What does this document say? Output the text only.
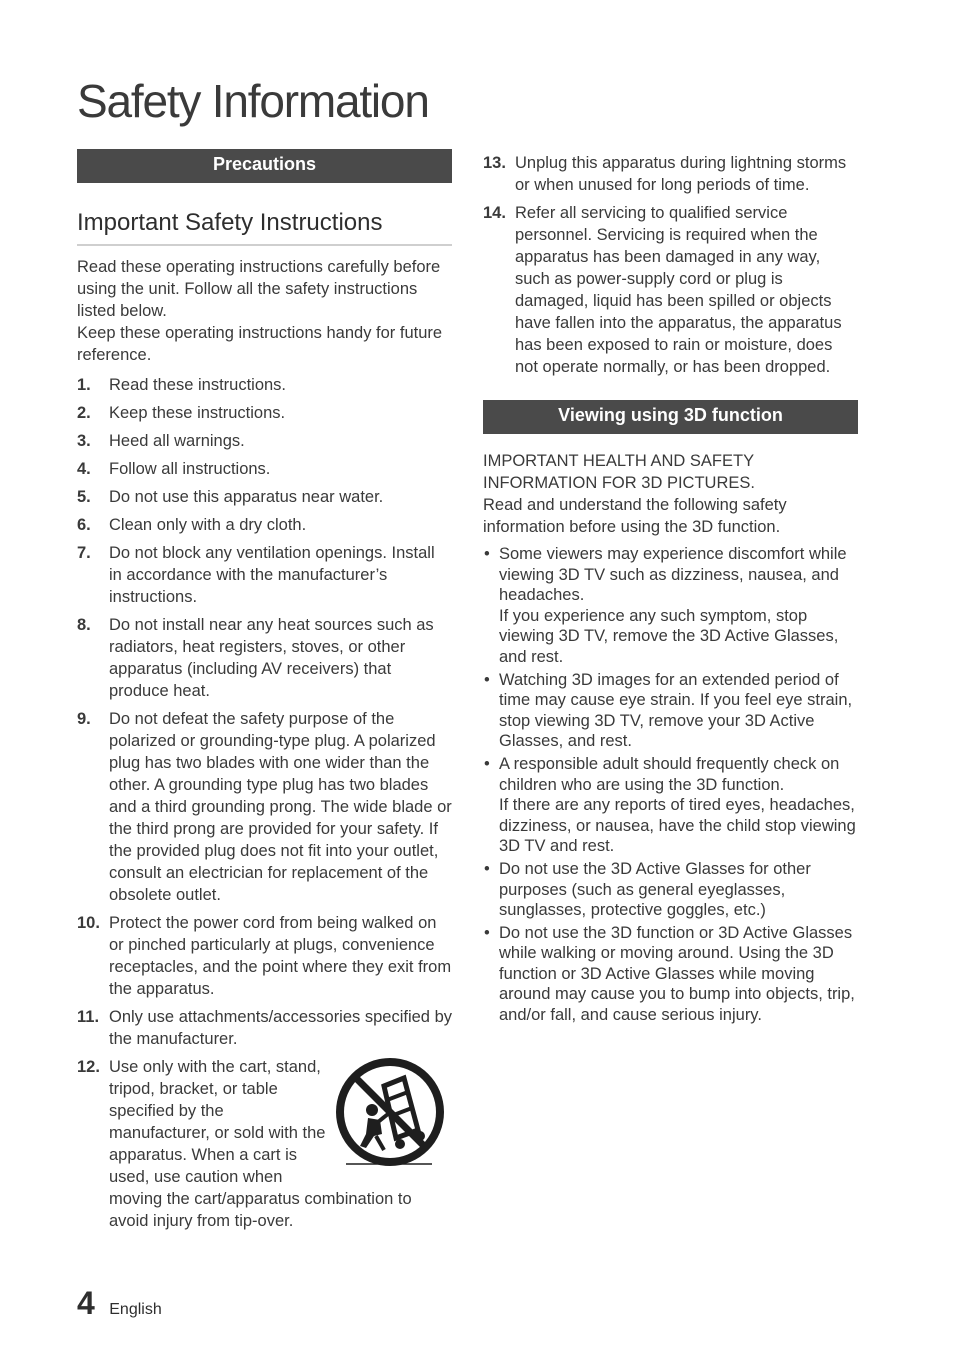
Safety Information
Precautions
Important Safety Instructions

Read these operating instructions carefully before using the unit. Follow all the safety instructions listed below.
Keep these operating instructions handy for future reference.

1. Read these instructions.
2. Keep these instructions.
3. Heed all warnings.
4. Follow all instructions.
5. Do not use this apparatus near water.
6. Clean only with a dry cloth.
7. Do not block any ventilation openings. Install in accordance with the manufacturer’s instructions.
8. Do not install near any heat sources such as radiators, heat registers, stoves, or other apparatus (including AV receivers) that produce heat.
9. Do not defeat the safety purpose of the polarized or grounding-type plug. A polarized plug has two blades with one wider than the other. A grounding type plug has two blades and a third grounding prong. The wide blade or the third prong are provided for your safety. If the provided plug does not fit into your outlet, consult an electrician for replacement of the obsolete outlet.
10. Protect the power cord from being walked on or pinched particularly at plugs, convenience receptacles, and the point where they exit from the apparatus.
11. Only use attachments/accessories specified by the manufacturer.
12. Use only with the cart, stand, tripod, bracket, or table specified by the manufacturer, or sold with the apparatus. When a cart is used, use caution when moving the cart/apparatus combination to avoid injury from tip-over.
13. Unplug this apparatus during lightning storms or when unused for long periods of time.
14. Refer all servicing to qualified service personnel. Servicing is required when the apparatus has been damaged in any way, such as power-supply cord or plug is damaged, liquid has been spilled or objects have fallen into the apparatus, the apparatus has been exposed to rain or moisture, does not operate normally, or has been dropped.
Viewing using 3D function

IMPORTANT HEALTH AND SAFETY INFORMATION FOR 3D PICTURES.
Read and understand the following safety information before using the 3D function.

• Some viewers may experience discomfort while viewing 3D TV such as dizziness, nausea, and headaches.
If you experience any such symptom, stop viewing 3D TV, remove the 3D Active Glasses, and rest.
• Watching 3D images for an extended period of time may cause eye strain. If you feel eye strain, stop viewing 3D TV, remove your 3D Active Glasses, and rest.
• A responsible adult should frequently check on children who are using the 3D function.
If there are any reports of tired eyes, headaches, dizziness, or nausea, have the child stop viewing 3D TV and rest.
• Do not use the 3D Active Glasses for other purposes (such as general eyeglasses, sunglasses, protective goggles, etc.)
• Do not use the 3D function or 3D Active Glasses while walking or moving around. Using the 3D function or 3D Active Glasses while moving around may cause you to bump into objects, trip, and/or fall, and cause serious injury.
4 English
